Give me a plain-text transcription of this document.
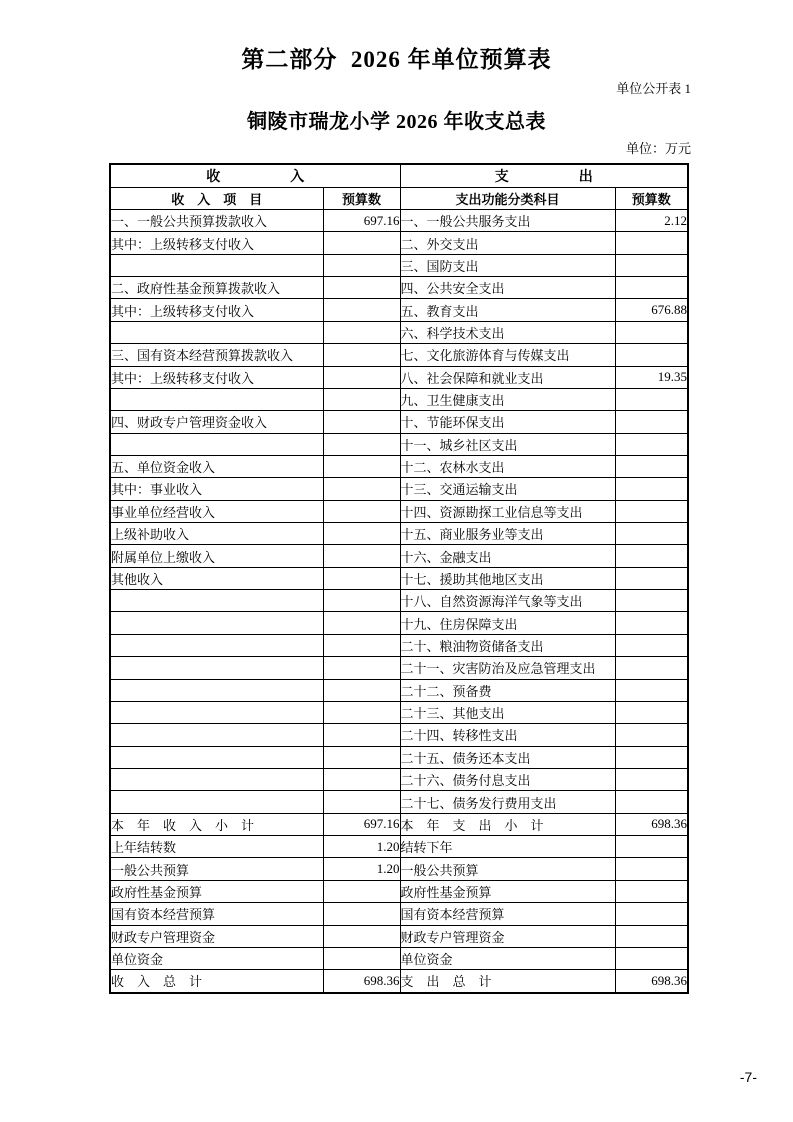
第二部分  2026 年单位预算表
单位公开表 1
铜陵市瑞龙小学 2026 年收支总表
单位：万元
收　　　　　入		支　　　　　出	
收　入　项　目	预算数	支出功能分类科目	预算数
一、一般公共预算拨款收入	697.16	一、一般公共服务支出	2.12
其中：上级转移支付收入		二、外交支出	
		三、国防支出	
二、政府性基金预算拨款收入		四、公共安全支出	
其中：上级转移支付收入		五、教育支出	676.88
		六、科学技术支出	
三、国有资本经营预算拨款收入		七、文化旅游体育与传媒支出	
其中：上级转移支付收入		八、社会保障和就业支出	19.35
		九、卫生健康支出	
四、财政专户管理资金收入		十、节能环保支出	
		十一、城乡社区支出	
五、单位资金收入		十二、农林水支出	
其中：事业收入		十三、交通运输支出	
事业单位经营收入		十四、资源勘探工业信息等支出	
上级补助收入		十五、商业服务业等支出	
附属单位上缴收入		十六、金融支出	
其他收入		十七、援助其他地区支出	
		十八、自然资源海洋气象等支出	
		十九、住房保障支出	
		二十、粮油物资储备支出	
		二十一、灾害防治及应急管理支出	
		二十二、预备费	
		二十三、其他支出	
		二十四、转移性支出	
		二十五、债务还本支出	
		二十六、债务付息支出	
		二十七、债务发行费用支出	
本　年　收　入　小　计	697.16	本　年　支　出　小　计	698.36
上年结转数	1.20	结转下年	
一般公共预算	1.20	一般公共预算	
政府性基金预算		政府性基金预算	
国有资本经营预算		国有资本经营预算	
财政专户管理资金		财政专户管理资金	
单位资金		单位资金	
收　入　总　计	698.36	支　出　总　计	698.36
-7-
